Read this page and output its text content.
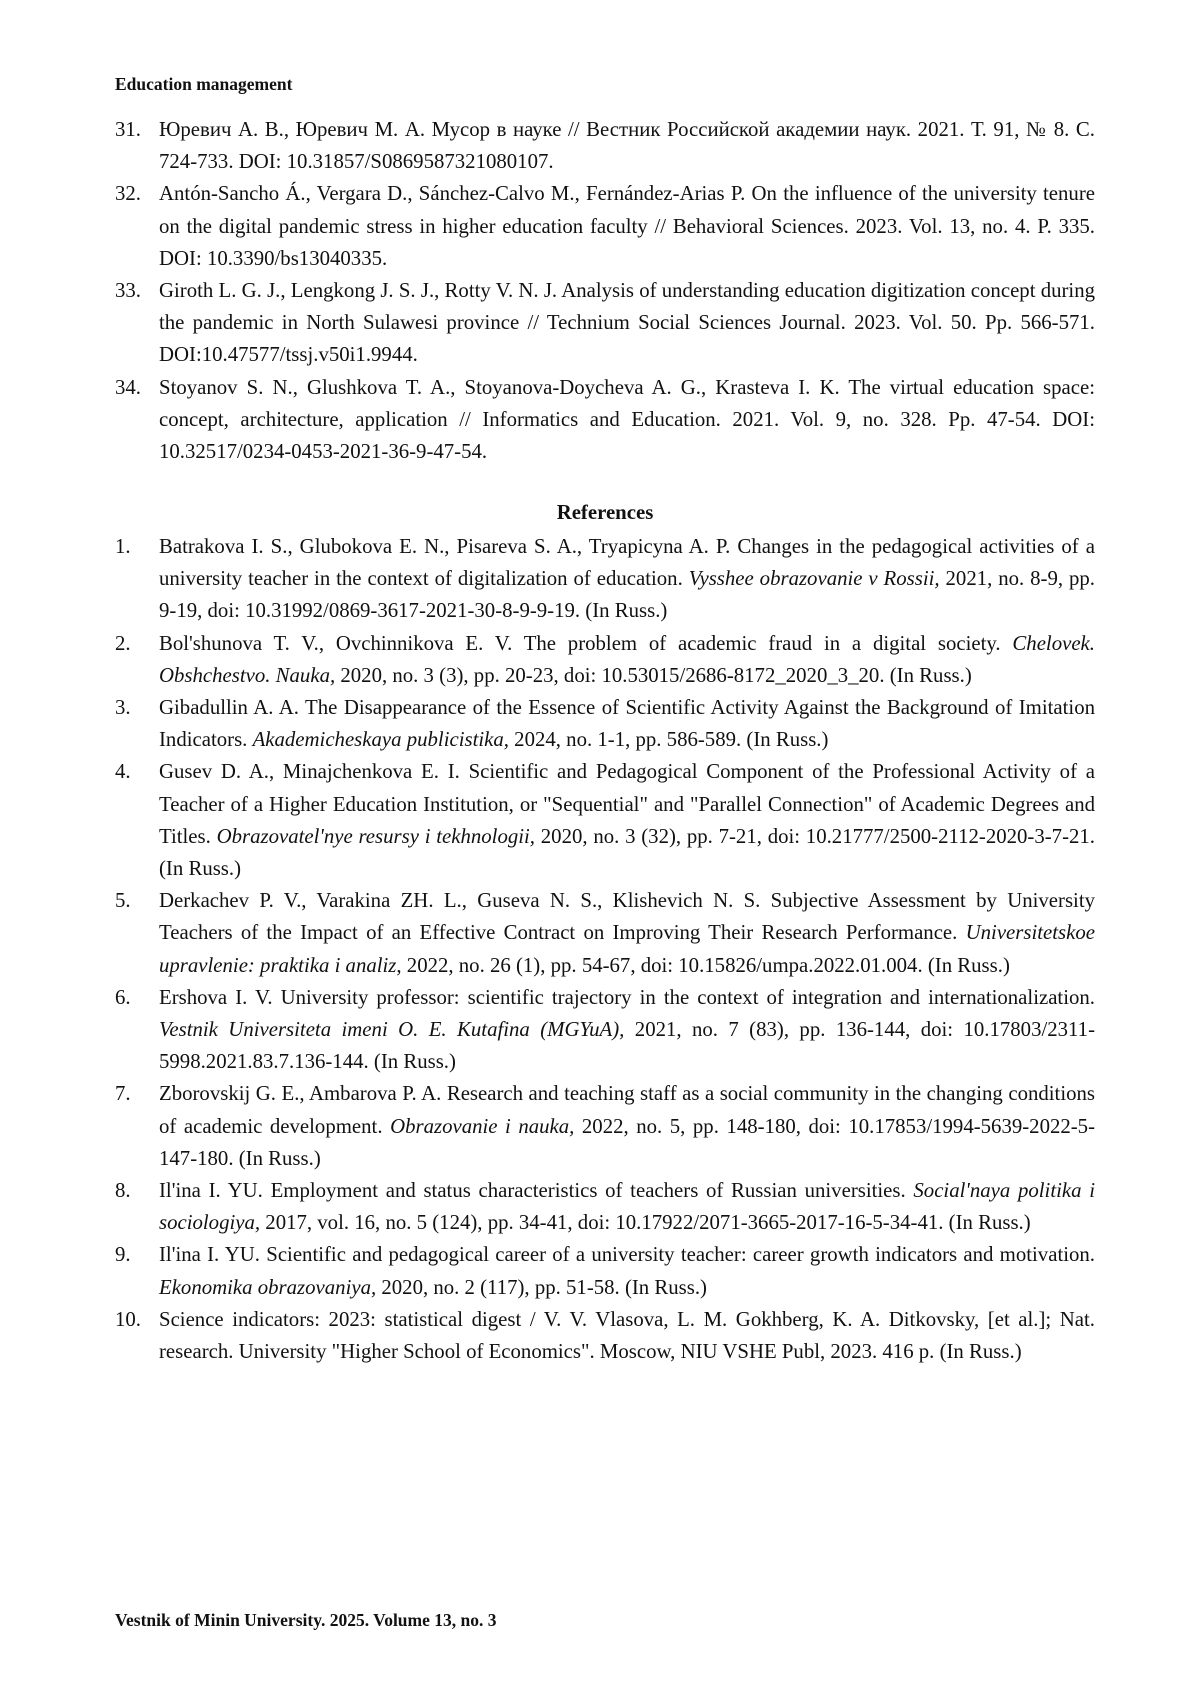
Education management
31. Юревич А. В., Юревич М. А. Мусор в науке // Вестник Российской академии наук. 2021. Т. 91, № 8. С. 724-733. DOI: 10.31857/S0869587321080107.
32. Antón-Sancho Á., Vergara D., Sánchez-Calvo M., Fernández-Arias P. On the influence of the university tenure on the digital pandemic stress in higher education faculty // Behavioral Sciences. 2023. Vol. 13, no. 4. P. 335. DOI: 10.3390/bs13040335.
33. Giroth L. G. J., Lengkong J. S. J., Rotty V. N. J. Analysis of understanding education digitization concept during the pandemic in North Sulawesi province // Technium Social Sciences Journal. 2023. Vol. 50. Pp. 566-571. DOI:10.47577/tssj.v50i1.9944.
34. Stoyanov S. N., Glushkova T. A., Stoyanova-Doycheva A. G., Krasteva I. K. The virtual education space: concept, architecture, application // Informatics and Education. 2021. Vol. 9, no. 328. Pp. 47-54. DOI: 10.32517/0234-0453-2021-36-9-47-54.
References
1.	Batrakova I. S., Glubokova E. N., Pisareva S. A., Tryapicyna A. P. Changes in the pedagogical activities of a university teacher in the context of digitalization of education. Vysshee obrazovanie v Rossii, 2021, no. 8-9, pp. 9-19, doi: 10.31992/0869-3617-2021-30-8-9-9-19. (In Russ.)
2.	Bol'shunova T. V., Ovchinnikova E. V. The problem of academic fraud in a digital society. Chelovek. Obshchestvo. Nauka, 2020, no. 3 (3), pp. 20-23, doi: 10.53015/2686-8172_2020_3_20. (In Russ.)
3.	Gibadullin A. A. The Disappearance of the Essence of Scientific Activity Against the Background of Imitation Indicators. Akademicheskaya publicistika, 2024, no. 1-1, pp. 586-589. (In Russ.)
4.	Gusev D. A., Minajchenkova E. I. Scientific and Pedagogical Component of the Professional Activity of a Teacher of a Higher Education Institution, or "Sequential" and "Parallel Connection" of Academic Degrees and Titles. Obrazovatel'nye resursy i tekhnologii, 2020, no. 3 (32), pp. 7-21, doi: 10.21777/2500-2112-2020-3-7-21. (In Russ.)
5.	Derkachev P. V., Varakina ZH. L., Guseva N. S., Klishevich N. S. Subjective Assessment by University Teachers of the Impact of an Effective Contract on Improving Their Research Performance. Universitetskoe upravlenie: praktika i analiz, 2022, no. 26 (1), pp. 54-67, doi: 10.15826/umpa.2022.01.004. (In Russ.)
6.	Ershova I. V. University professor: scientific trajectory in the context of integration and internationalization. Vestnik Universiteta imeni O. E. Kutafina (MGYuA), 2021, no. 7 (83), pp. 136-144, doi: 10.17803/2311-5998.2021.83.7.136-144. (In Russ.)
7.	Zborovskij G. E., Ambarova P. A. Research and teaching staff as a social community in the changing conditions of academic development. Obrazovanie i nauka, 2022, no. 5, pp. 148-180, doi: 10.17853/1994-5639-2022-5-147-180. (In Russ.)
8.	Il'ina I. YU. Employment and status characteristics of teachers of Russian universities. Social'naya politika i sociologiya, 2017, vol. 16, no. 5 (124), pp. 34-41, doi: 10.17922/2071-3665-2017-16-5-34-41. (In Russ.)
9.	Il'ina I. YU. Scientific and pedagogical career of a university teacher: career growth indicators and motivation. Ekonomika obrazovaniya, 2020, no. 2 (117), pp. 51-58. (In Russ.)
10. Science indicators: 2023: statistical digest / V. V. Vlasova, L. M. Gokhberg, K. A. Ditkovsky, [et al.]; Nat. research. University "Higher School of Economics". Moscow, NIU VSHE Publ, 2023. 416 p. (In Russ.)
Vestnik of Minin University. 2025. Volume 13, no. 3
